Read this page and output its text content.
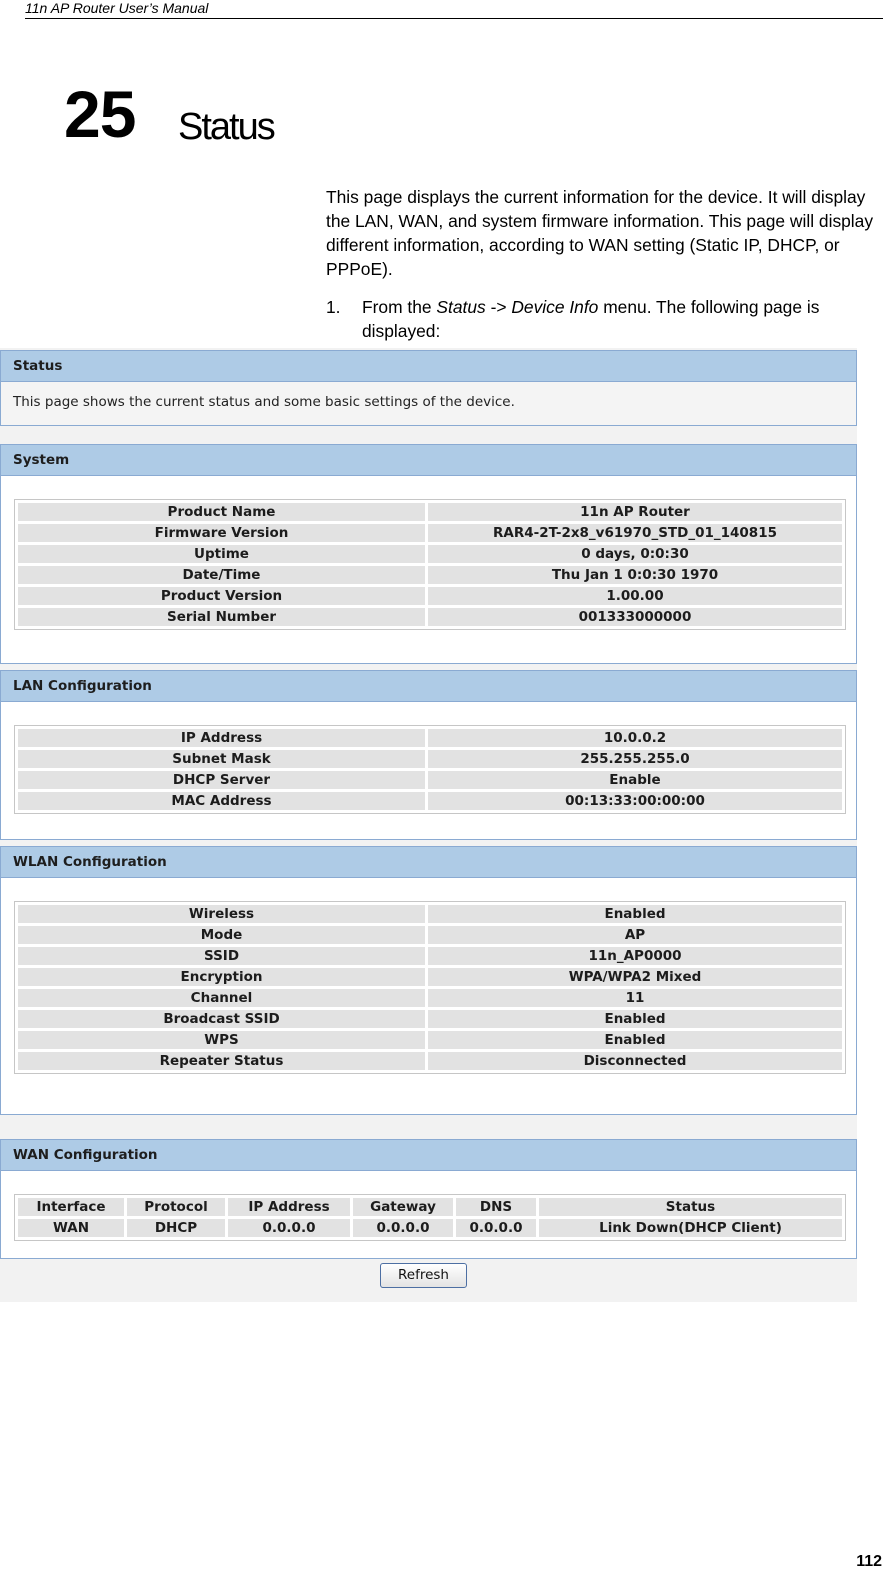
11n AP Router User’s Manual
25 Status

This page displays the current information for the device. It will display the LAN, WAN, and system firmware information. This page will display different information, according to WAN setting (Static IP, DHCP, or PPPoE).

1. From the Status -> Device Info menu. The following page is displayed:
Status
This page shows the current status and some basic settings of the device.
System
Product Name	11n AP Router
Firmware Version	RAR4-2T-2x8_v61970_STD_01_140815
Uptime	0 days, 0:0:30
Date/Time	Thu Jan 1 0:0:30 1970
Product Version	1.00.00
Serial Number	001333000000
LAN Configuration
IP Address	10.0.0.2
Subnet Mask	255.255.255.0
DHCP Server	Enable
MAC Address	00:13:33:00:00:00
WLAN Configuration
Wireless	Enabled
Mode	AP
SSID	11n_AP0000
Encryption	WPA/WPA2 Mixed
Channel	11
Broadcast SSID	Enabled
WPS	Enabled
Repeater Status	Disconnected
WAN Configuration
Interface	Protocol	IP Address	Gateway	DNS	Status
WAN	DHCP	0.0.0.0	0.0.0.0	0.0.0.0	Link Down(DHCP Client)
Refresh
112
